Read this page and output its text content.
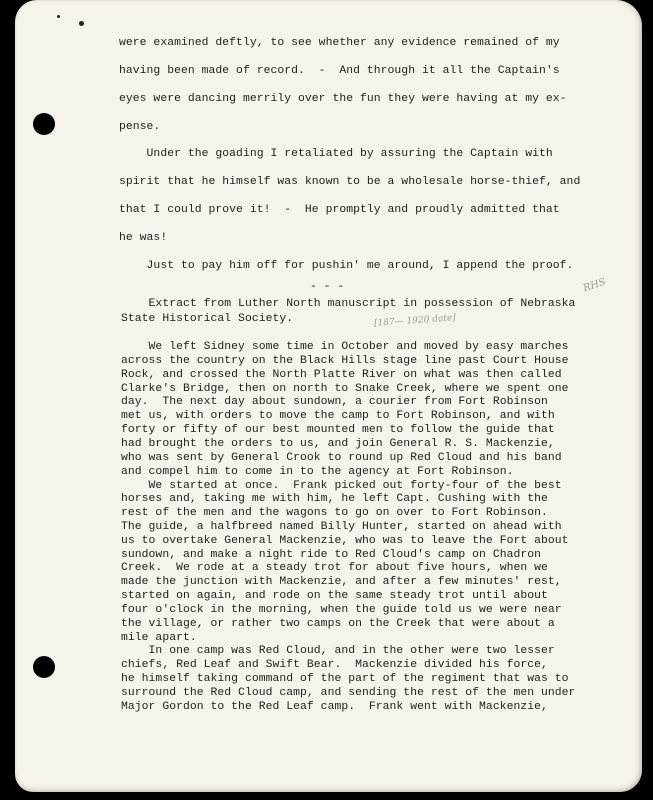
were examined deftly, to see whether any evidence remained of my
having been made of record.  -  And through it all the Captain's
eyes were dancing merrily over the fun they were having at my ex-
pense.
Under the goading I retaliated by assuring the Captain with
spirit that he himself was known to be a wholesale horse-thief, and
that I could prove it!  -  He promptly and proudly admitted that
he was!
Just to pay him off for pushin' me around, I append the proof.
- - -	RHS
Extract from Luther North manuscript in possession of Nebraska
State Historical Society.	[187— 1920 date]
We left Sidney some time in October and moved by easy marches
across the country on the Black Hills stage line past Court House
Rock, and crossed the North Platte River on what was then called
Clarke's Bridge, then on north to Snake Creek, where we spent one
day.  The next day about sundown, a courier from Fort Robinson
met us, with orders to move the camp to Fort Robinson, and with
forty or fifty of our best mounted men to follow the guide that
had brought the orders to us, and join General R. S. Mackenzie,
who was sent by General Crook to round up Red Cloud and his band
and compel him to come in to the agency at Fort Robinson.
We started at once.  Frank picked out forty-four of the best
horses and, taking me with him, he left Capt. Cushing with the
rest of the men and the wagons to go on over to Fort Robinson.
The guide, a halfbreed named Billy Hunter, started on ahead with
us to overtake General Mackenzie, who was to leave the Fort about
sundown, and make a night ride to Red Cloud's camp on Chadron
Creek.  We rode at a steady trot for about five hours, when we
made the junction with Mackenzie, and after a few minutes' rest,
started on again, and rode on the same steady trot until about
four o'clock in the morning, when the guide told us we were near
the village, or rather two camps on the Creek that were about a
mile apart.
In one camp was Red Cloud, and in the other were two lesser
chiefs, Red Leaf and Swift Bear.  Mackenzie divided his force,
he himself taking command of the part of the regiment that was to
surround the Red Cloud camp, and sending the rest of the men under
Major Gordon to the Red Leaf camp.  Frank went with Mackenzie,
